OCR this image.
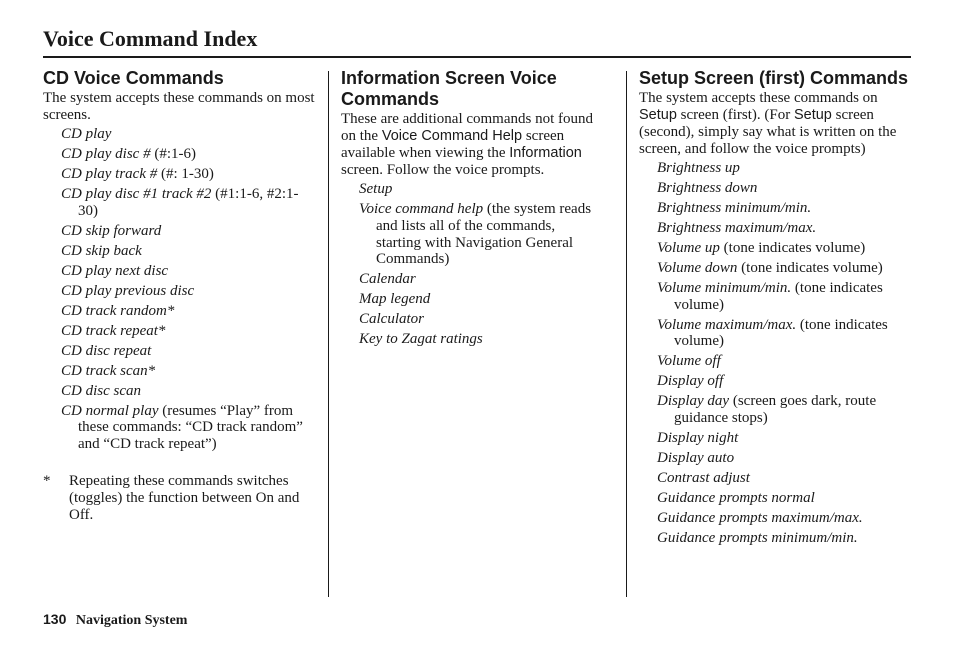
Voice Command Index
CD Voice Commands
The system accepts these commands on most screens.
CD play
CD play disc # (#:1-6)
CD play track # (#: 1-30)
CD play disc #1 track #2 (#1:1-6, #2:1-30)
CD skip forward
CD skip back
CD play next disc
CD play previous disc
CD track random*
CD track repeat*
CD disc repeat
CD track scan*
CD disc scan
CD normal play (resumes “Play” from these commands: “CD track random” and “CD track repeat”)
*	Repeating these commands switches (toggles) the function between On and Off.
Information Screen Voice Commands
These are additional commands not found on the Voice Command Help screen available when viewing the Information screen. Follow the voice prompts.
Setup
Voice command help (the system reads and lists all of the commands, starting with Navigation General Commands)
Calendar
Map legend
Calculator
Key to Zagat ratings
Setup Screen (first) Commands
The system accepts these commands on Setup screen (first). (For Setup screen (second), simply say what is written on the screen, and follow the voice prompts)
Brightness up
Brightness down
Brightness minimum/min.
Brightness maximum/max.
Volume up (tone indicates volume)
Volume down (tone indicates volume)
Volume minimum/min. (tone indicates volume)
Volume maximum/max. (tone indicates volume)
Volume off
Display off
Display day (screen goes dark, route guidance stops)
Display night
Display auto
Contrast adjust
Guidance prompts normal
Guidance prompts maximum/max.
Guidance prompts minimum/min.
130 Navigation System
